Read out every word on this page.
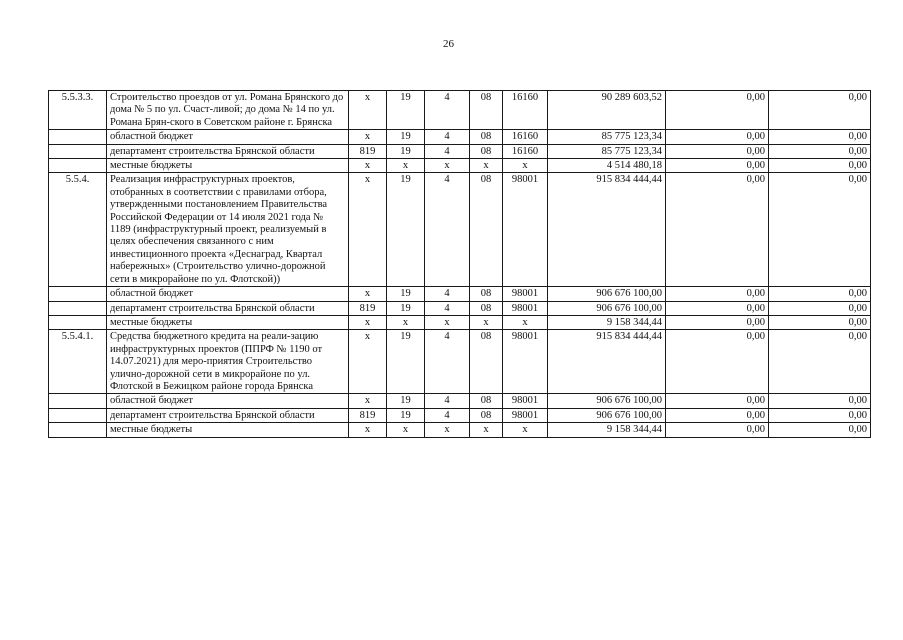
26
5.5.3.3.	Строительство проездов от ул. Романа Брянского до дома № 5 по ул. Счаст-ливой; до дома № 14 по ул. Романа Брян-ского в Советском районе г. Брянска	х	19	4	08	16160	90 289 603,52	0,00	0,00
	областной бюджет	х	19	4	08	16160	85 775 123,34	0,00	0,00
	департамент строительства Брянской области	819	19	4	08	16160	85 775 123,34	0,00	0,00
	местные бюджеты	х	х	х	х	х	4 514 480,18	0,00	0,00
5.5.4.	Реализация инфраструктурных проектов, отобранных в соответствии с правилами отбора, утвержденными постановлением Правительства Российской Федерации от 14 июля 2021 года № 1189 (инфраструктурный проект, реализуемый в целях обеспечения связанного с ним инвестиционного проекта «Деснаград, Квартал набережных» (Строительство улично-дорожной сети в микрорайоне по ул. Флотской))	х	19	4	08	98001	915 834 444,44	0,00	0,00
	областной бюджет	х	19	4	08	98001	906 676 100,00	0,00	0,00
	департамент строительства Брянской области	819	19	4	08	98001	906 676 100,00	0,00	0,00
	местные бюджеты	х	х	х	х	х	9 158 344,44	0,00	0,00
5.5.4.1.	Средства бюджетного кредита на реали-зацию инфраструктурных проектов (ППРФ № 1190 от 14.07.2021) для меро-приятия Строительство улично-дорожной сети в микрорайоне по ул. Флотской в Бежицком районе города Брянска	х	19	4	08	98001	915 834 444,44	0,00	0,00
	областной бюджет	х	19	4	08	98001	906 676 100,00	0,00	0,00
	департамент строительства Брянской области	819	19	4	08	98001	906 676 100,00	0,00	0,00
	местные бюджеты	х	х	х	х	х	9 158 344,44	0,00	0,00
